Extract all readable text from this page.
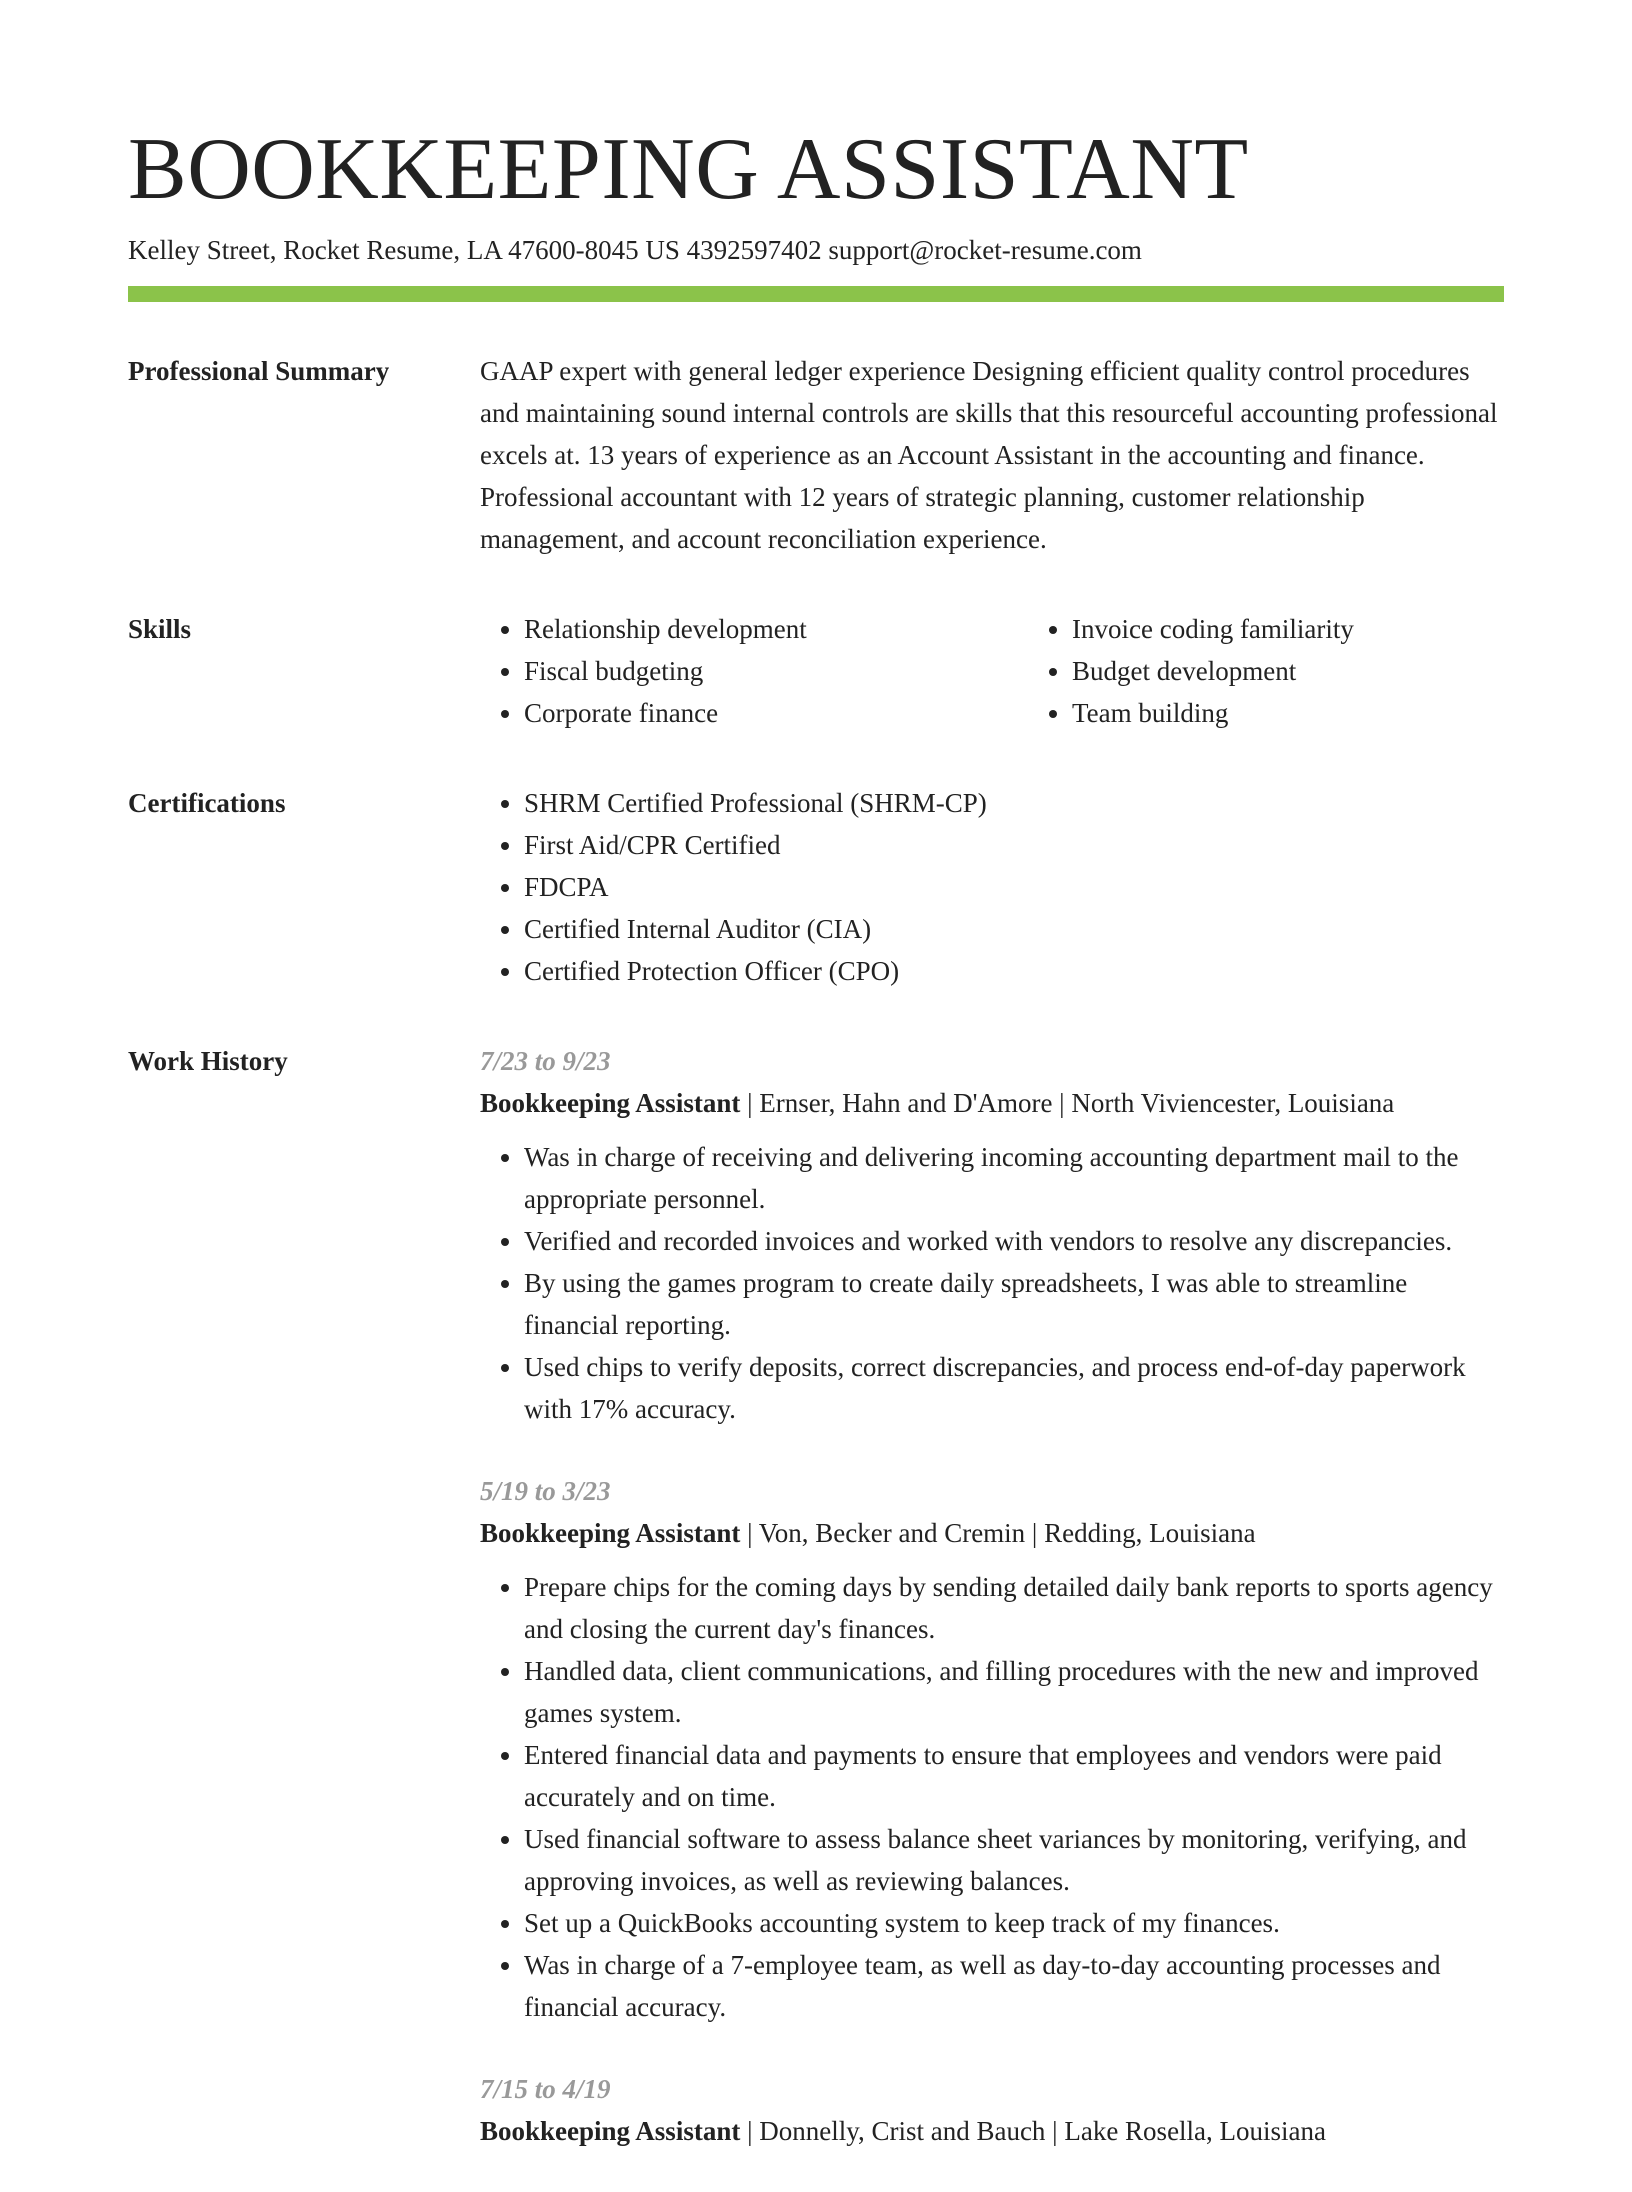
BOOKKEEPING ASSISTANT
Kelley Street, Rocket Resume, LA 47600-8045 US 4392597402 support@rocket-resume.com
Professional Summary	GAAP expert with general ledger experience Designing efficient quality control procedures and maintaining sound internal controls are skills that this resourceful accounting professional excels at. 13 years of experience as an Account Assistant in the accounting and finance. Professional accountant with 12 years of strategic planning, customer relationship management, and account reconciliation experience.

Skills	• Relationship development
• Fiscal budgeting
• Corporate finance
• Invoice coding familiarity
• Budget development
• Team building
Certifications	• SHRM Certified Professional (SHRM-CP)
• First Aid/CPR Certified
• FDCPA
• Certified Internal Auditor (CIA)
• Certified Protection Officer (CPO)
Work History	7/23 to 9/23
Bookkeeping Assistant | Ernser, Hahn and D'Amore | North Viviencester, Louisiana
• Was in charge of receiving and delivering incoming accounting department mail to the appropriate personnel.
• Verified and recorded invoices and worked with vendors to resolve any discrepancies.
• By using the games program to create daily spreadsheets, I was able to streamline financial reporting.
• Used chips to verify deposits, correct discrepancies, and process end-of-day paperwork with 17% accuracy.
5/19 to 3/23
Bookkeeping Assistant | Von, Becker and Cremin | Redding, Louisiana
• Prepare chips for the coming days by sending detailed daily bank reports to sports agency and closing the current day's finances.
• Handled data, client communications, and filling procedures with the new and improved games system.
• Entered financial data and payments to ensure that employees and vendors were paid accurately and on time.
• Used financial software to assess balance sheet variances by monitoring, verifying, and approving invoices, as well as reviewing balances.
• Set up a QuickBooks accounting system to keep track of my finances.
• Was in charge of a 7-employee team, as well as day-to-day accounting processes and financial accuracy.
7/15 to 4/19
Bookkeeping Assistant | Donnelly, Crist and Bauch | Lake Rosella, Louisiana
